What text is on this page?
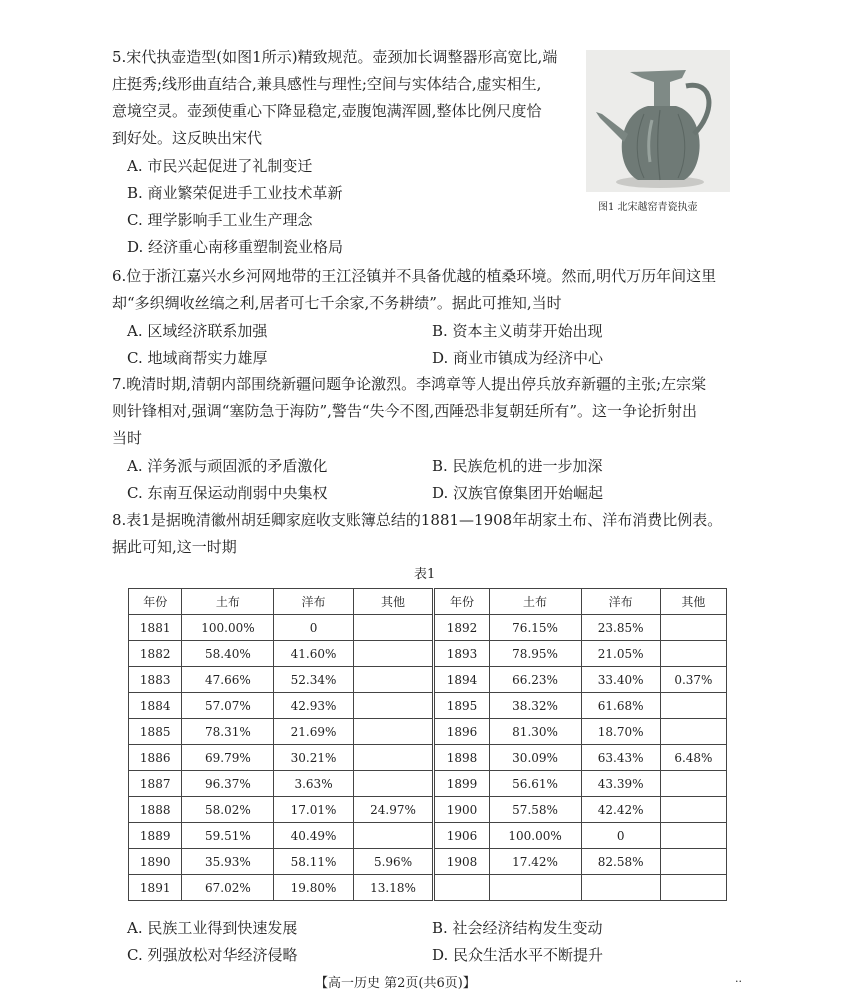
5.宋代执壶造型(如图1所示)精致规范。壶颈加长调整器形高宽比,端
庄挺秀;线形曲直结合,兼具感性与理性;空间与实体结合,虚实相生,
意境空灵。壶颈使重心下降显稳定,壶腹饱满浑圆,整体比例尺度恰
到好处。这反映出宋代
A. 市民兴起促进了礼制变迁
B. 商业繁荣促进手工业技术革新
C. 理学影响手工业生产理念
D. 经济重心南移重塑制瓷业格局
图1 北宋越窑青瓷执壶
6.位于浙江嘉兴水乡河网地带的王江泾镇并不具备优越的植桑环境。然而,明代万历年间这里
却“多织绸收丝缟之利,居者可七千余家,不务耕绩”。据此可推知,当时
A. 区域经济联系加强	B. 资本主义萌芽开始出现
C. 地域商帮实力雄厚	D. 商业市镇成为经济中心
7.晚清时期,清朝内部围绕新疆问题争论激烈。李鸿章等人提出停兵放弃新疆的主张;左宗棠
则针锋相对,强调“塞防急于海防”,警告“失今不图,西陲恐非复朝廷所有”。这一争论折射出
当时
A. 洋务派与顽固派的矛盾激化	B. 民族危机的进一步加深
C. 东南互保运动削弱中央集权	D. 汉族官僚集团开始崛起
8.表1是据晚清徽州胡廷卿家庭收支账簿总结的1881—1908年胡家土布、洋布消费比例表。
据此可知,这一时期
表1
年份	土布	洋布	其他	年份	土布	洋布	其他
1881	100.00%	0		1892	76.15%	23.85%	
1882	58.40%	41.60%		1893	78.95%	21.05%	
1883	47.66%	52.34%		1894	66.23%	33.40%	0.37%
1884	57.07%	42.93%		1895	38.32%	61.68%	
1885	78.31%	21.69%		1896	81.30%	18.70%	
1886	69.79%	30.21%		1898	30.09%	63.43%	6.48%
1887	96.37%	3.63%		1899	56.61%	43.39%	
1888	58.02%	17.01%	24.97%	1900	57.58%	42.42%	
1889	59.51%	40.49%		1906	100.00%	0	
1890	35.93%	58.11%	5.96%	1908	17.42%	82.58%	
1891	67.02%	19.80%	13.18%				
A. 民族工业得到快速发展	B. 社会经济结构发生变动
C. 列强放松对华经济侵略	D. 民众生活水平不断提升
【高一历史 第2页(共6页)】	..
